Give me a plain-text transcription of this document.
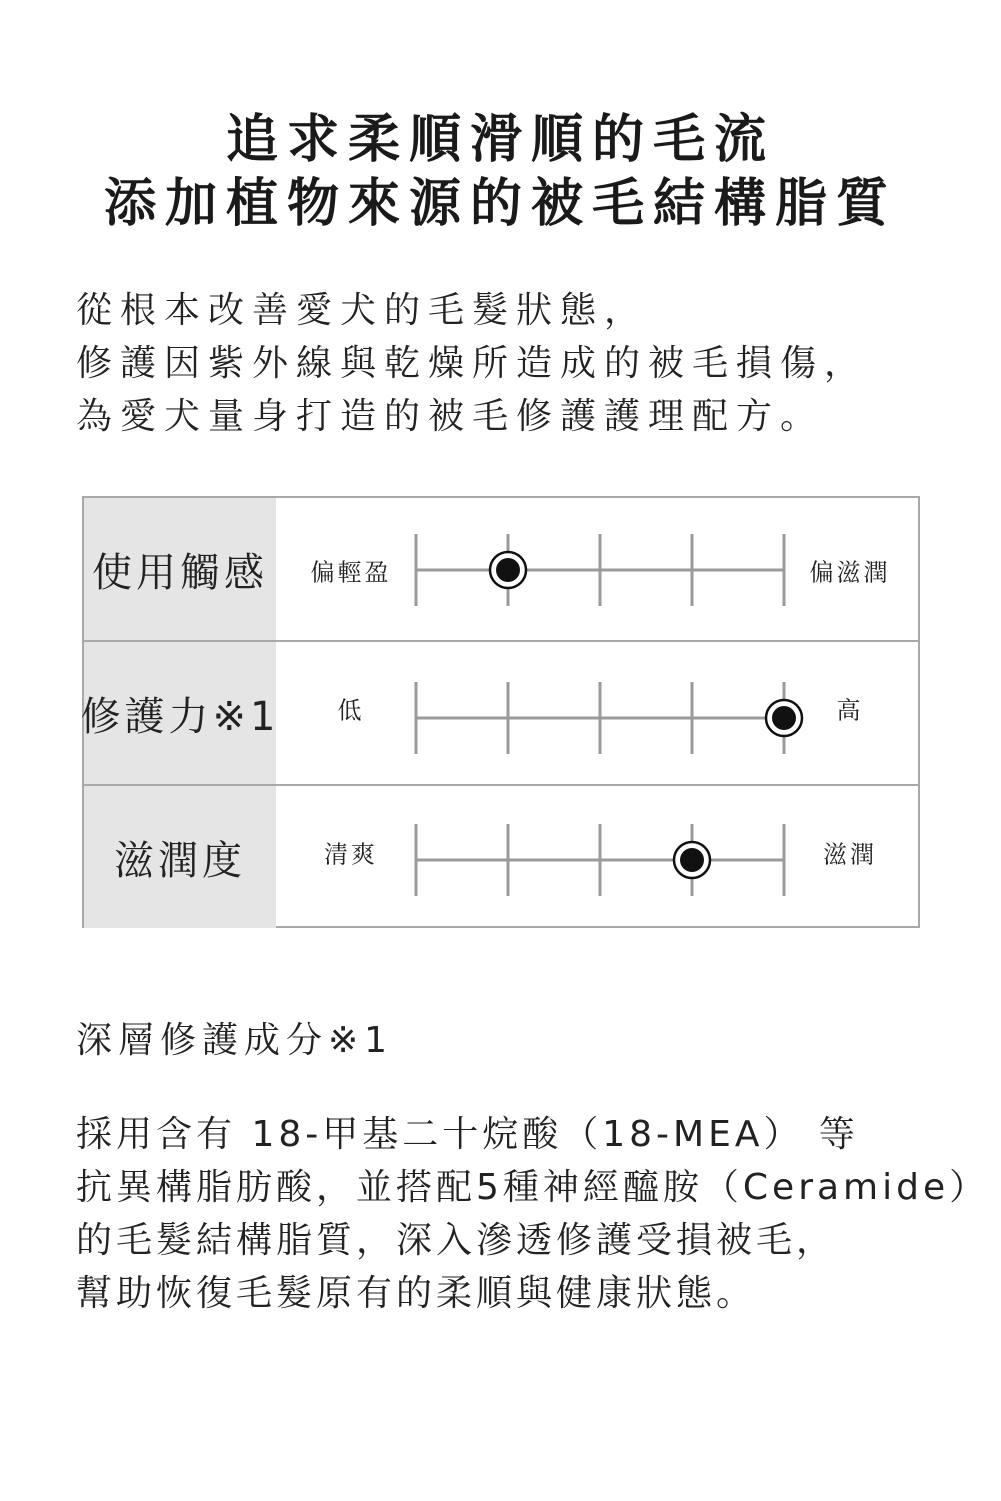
追求柔順滑順的毛流
添加植物來源的被毛結構脂質
從根本改善愛犬的毛髮狀態，
修護因紫外線與乾燥所造成的被毛損傷，
為愛犬量身打造的被毛修護護理配方。
使用觸感	偏輕盈	偏滋潤
修護力※1	低	高
滋潤度	清爽	滋潤
深層修護成分※1
採用含有 18-甲基二十烷酸（18-MEA） 等
抗異構脂肪酸，並搭配5種神經醯胺（Ceramide）
的毛髮結構脂質，深入滲透修護受損被毛，
幫助恢復毛髮原有的柔順與健康狀態。
